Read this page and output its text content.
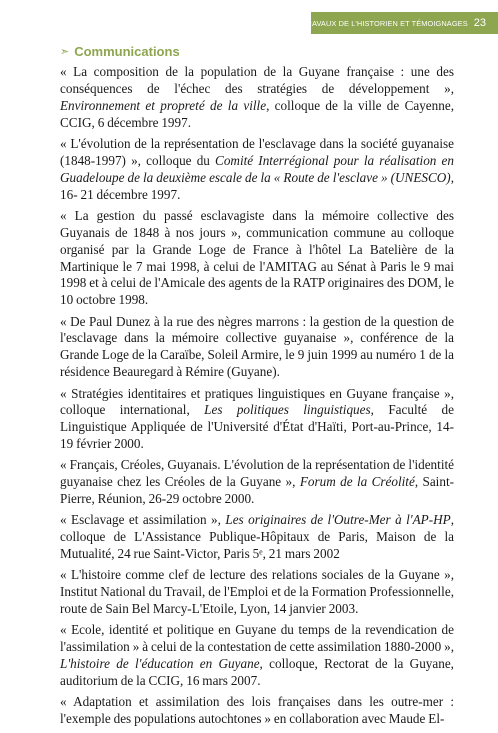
TRAVAUX DE L'HISTORIEN ET TÉMOIGNAGES 23
➣ Communications

« La composition de la population de la Guyane française : une des conséquences de l'échec des stratégies de développement », Environnement et propreté de la ville, colloque de la ville de Cayenne, CCIG, 6 décembre 1997.

« L'évolution de la représentation de l'esclavage dans la société guyanaise (1848-1997) », colloque du Comité Interrégional pour la réalisation en Guadeloupe de la deuxième escale de la « Route de l'esclave » (UNESCO), 16- 21 décembre 1997.

« La gestion du passé esclavagiste dans la mémoire collective des Guyanais de 1848 à nos jours », communication commune au colloque organisé par la Grande Loge de France à l'hôtel La Batelière de la Martinique le 7 mai 1998, à celui de l'AMITAG au Sénat à Paris le 9 mai 1998 et à celui de l'Amicale des agents de la RATP originaires des DOM, le 10 octobre 1998.

« De Paul Dunez à la rue des nègres marrons : la gestion de la question de l'esclavage dans la mémoire collective guyanaise », conférence de la Grande Loge de la Caraïbe, Soleil Armire, le 9 juin 1999 au numéro 1 de la résidence Beauregard à Rémire (Guyane).

« Stratégies identitaires et pratiques linguistiques en Guyane française », colloque international, Les politiques linguistiques, Faculté de Linguistique Appliquée de l'Université d'État d'Haïti, Port-au-Prince, 14-19 février 2000.

« Français, Créoles, Guyanais. L'évolution de la représentation de l'identité guyanaise chez les Créoles de la Guyane », Forum de la Créolité, Saint-Pierre, Réunion, 26-29 octobre 2000.

« Esclavage et assimilation », Les originaires de l'Outre-Mer à l'AP-HP, colloque de L'Assistance Publique-Hôpitaux de Paris, Maison de la Mutualité, 24 rue Saint-Victor, Paris 5ᵉ, 21 mars 2002

« L'histoire comme clef de lecture des relations sociales de la Guyane », Institut National du Travail, de l'Emploi et de la Formation Professionnelle, route de Sain Bel Marcy-L'Etoile, Lyon, 14 janvier 2003.

« Ecole, identité et politique en Guyane du temps de la revendication de l'assimilation » à celui de la contestation de cette assimilation 1880-2000 », L'histoire de l'éducation en Guyane, colloque, Rectorat de la Guyane, auditorium de la CCIG, 16 mars 2007.

« Adaptation et assimilation des lois françaises dans les outre-mer : l'exemple des populations autochtones » en collaboration avec Maude El-
